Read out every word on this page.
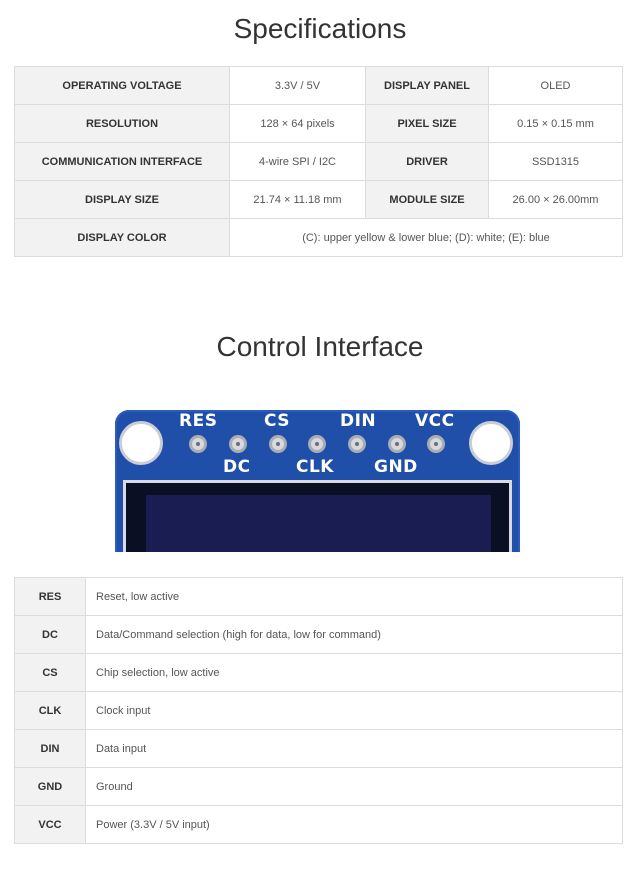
Specifications
OPERATING VOLTAGE	3.3V / 5V	DISPLAY PANEL	OLED
RESOLUTION	128 × 64 pixels	PIXEL SIZE	0.15 × 0.15 mm
COMMUNICATION INTERFACE	4-wire SPI / I2C	DRIVER	SSD1315
DISPLAY SIZE	21.74 × 11.18 mm	MODULE SIZE	26.00 × 26.00mm
DISPLAY COLOR	(C): upper yellow & lower blue; (D): white; (E): blue		
Control Interface
RES	CS	DIN VCC
DC	CLK GND
RES	Reset, low active
DC	Data/Command selection (high for data, low for command)
CS	Chip selection, low active
CLK	Clock input
DIN	Data input
GND	Ground
VCC	Power (3.3V / 5V input)
